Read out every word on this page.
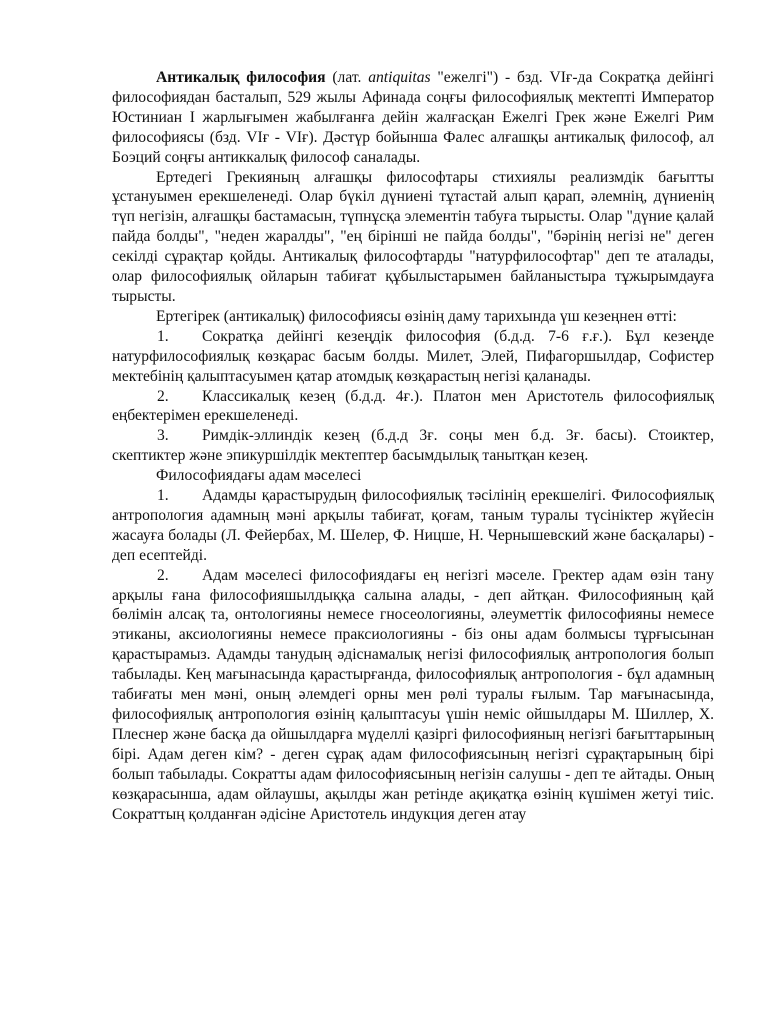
Антикалық философия (лат. antiquitas "ежелгі") - бзд. VIғ-да Сократқа дейінгі философиядан басталып, 529 жылы Афинада соңғы философиялық мектепті Император Юстиниан I жарлығымен жабылғанға дейін жалғасқан Ежелгі Грек және Ежелгі Рим философиясы (бзд. VIғ - VIғ). Дәстүр бойынша Фалес алғашқы антикалық философ, ал Боэций соңғы антиккалық философ саналады.

Ертедегі Грекияның алғашқы философтары стихиялы реализмдік бағытты ұстануымен ерекшеленеді. Олар бүкіл дүниені тұтастай алып қарап, әлемнің, дүниенің түп негізін, алғашқы бастамасын, түпнұсқа элементін табуға тырысты. Олар "дүние қалай пайда болды", "неден жаралды", "ең бірінші не пайда болды", "бәрінің негізі не" деген секілді сұрақтар қойды. Антикалық философтарды "натурфилософтар" деп те аталады, олар философиялық ойларын табиғат құбылыстарымен байланыстыра тұжырымдауға тырысты.

Ертегірек (антикалық) философиясы өзінің даму тарихында үш кезеңнен өтті:

1. Сократқа дейінгі кезеңдік философия (б.д.д. 7-6 ғ.ғ.). Бұл кезеңде натурфилософиялық көзқарас басым болды. Милет, Элей, Пифагоршылдар, Софистер мектебінің қалыптасуымен қатар атомдық көзқарастың негізі қаланады.

2. Классикалық кезең (б.д.д. 4ғ.). Платон мен Аристотель философиялық еңбектерімен ерекшеленеді.

3. Римдік-эллиндік кезең (б.д.д 3ғ. соңы мен б.д. 3ғ. басы). Стоиктер, скептиктер және эпикуршілдік мектептер басымдылық танытқан кезең.

Философиядағы адам мәселесі

1. Адамды қарастырудың философиялық тәсілінің ерекшелігі. Философиялық антропология адамның мәні арқылы табиғат, қоғам, таным туралы түсініктер жүйесін жасауға болады (Л. Фейербах, М. Шелер, Ф. Ницше, Н. Чернышевский және басқалары) - деп есептейді.

2. Адам мәселесі философиядағы ең негізгі мәселе. Гректер адам өзін тану арқылы ғана философияшылдыққа салына алады, - деп айтқан. Философияның қай бөлімін алсақ та, онтологияны немесе гносеологияны, әлеуметтік философияны немесе этиканы, аксиологияны немесе праксиологияны - біз оны адам болмысы тұрғысынан қарастырамыз. Адамды танудың әдіснамалық негізі философиялық антропология болып табылады. Кең мағынасында қарастырғанда, философиялық антропология - бұл адамның табиғаты мен мәні, оның әлемдегі орны мен рөлі туралы ғылым. Тар мағынасында, философиялық антропология өзінің қалыптасуы үшін неміс ойшылдары М. Шиллер, Х. Плеснер және басқа да ойшылдарға мүделлі қазіргі философияның негізгі бағыттарының бірі. Адам деген кім? - деген сұрақ адам философиясының негізгі сұрақтарының бірі болып табылады. Сократты адам философиясының негізін салушы - деп те айтады. Оның көзқарасынша, адам ойлаушы, ақылды жан ретінде ақиқатқа өзінің күшімен жетуі тиіс. Сократтың қолданған әдісіне Аристотель индукция деген атау
